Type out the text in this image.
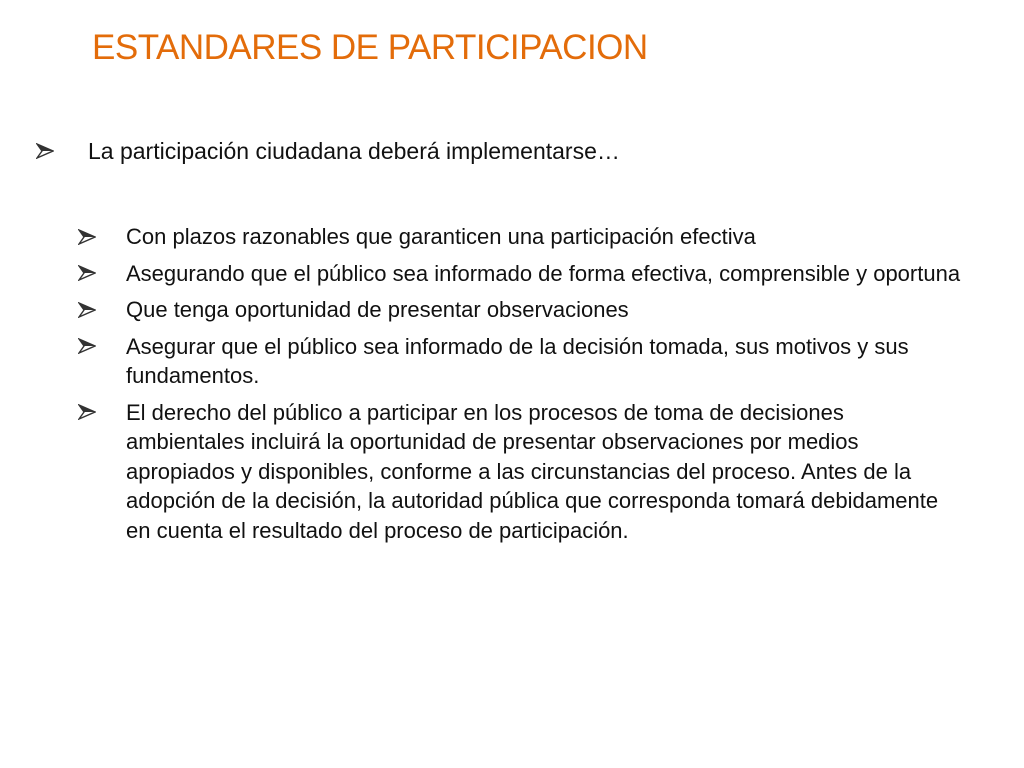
ESTANDARES DE PARTICIPACION
La participación ciudadana deberá implementarse…
Con plazos razonables que garanticen una participación efectiva
Asegurando que el público sea informado de forma efectiva, comprensible y oportuna
Que tenga oportunidad de presentar observaciones
Asegurar que el público sea informado de la decisión tomada, sus motivos y sus fundamentos.
El derecho del público a participar en los procesos de toma de decisiones ambientales incluirá la oportunidad de presentar observaciones por medios apropiados y disponibles, conforme a las circunstancias del proceso. Antes de la adopción de la decisión, la autoridad pública que corresponda tomará debidamente en cuenta el resultado del proceso de participación.
